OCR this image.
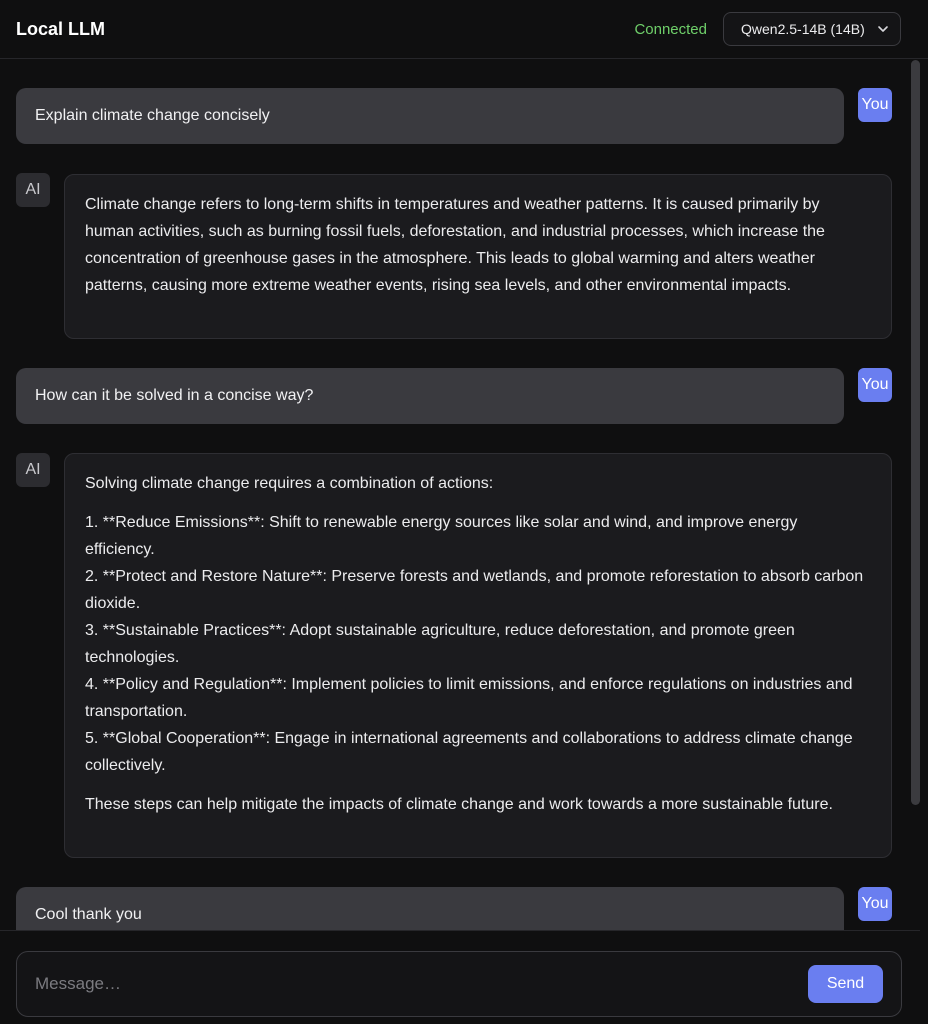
Local LLM	Connected Qwen2.5-14B (14B)
Explain climate change concisely
You
AI

Climate change refers to long-term shifts in temperatures and weather patterns. It is caused primarily by human activities, such as burning fossil fuels, deforestation, and industrial processes, which increase the concentration of greenhouse gases in the atmosphere. This leads to global warming and alters weather patterns, causing more extreme weather events, rising sea levels, and other environmental impacts.

How can it be solved in a concise way?
You
AI

Solving climate change requires a combination of actions:

1. **Reduce Emissions**: Shift to renewable energy sources like solar and wind, and improve energy efficiency.
2. **Protect and Restore Nature**: Preserve forests and wetlands, and promote reforestation to absorb carbon dioxide.
3. **Sustainable Practices**: Adopt sustainable agriculture, reduce deforestation, and promote green technologies.
4. **Policy and Regulation**: Implement policies to limit emissions, and enforce regulations on industries and transportation.
5. **Global Cooperation**: Engage in international agreements and collaborations to address climate change collectively.

These steps can help mitigate the impacts of climate change and work towards a more sustainable future.

Cool thank you
You
Message…
Send
